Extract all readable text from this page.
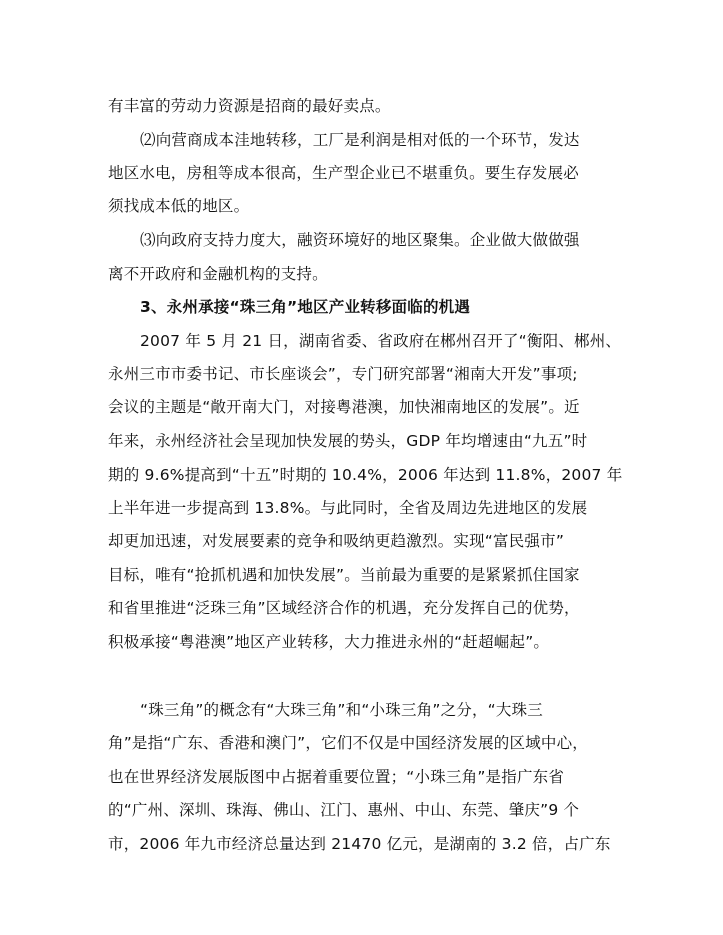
有丰富的劳动力资源是招商的最好卖点。
⑵向营商成本洼地转移，工厂是利润是相对低的一个环节，发达
地区水电，房租等成本很高，生产型企业已不堪重负。要生存发展必
须找成本低的地区。
⑶向政府支持力度大，融资环境好的地区聚集。企业做大做做强
离不开政府和金融机构的支持。
3、永州承接“珠三角”地区产业转移面临的机遇
2007 年 5 月 21 日，湖南省委、省政府在郴州召开了“衡阳、郴州、
永州三市市委书记、市长座谈会”，专门研究部署“湘南大开发”事项;
会议的主题是“敞开南大门，对接粤港澳，加快湘南地区的发展”。近
年来，永州经济社会呈现加快发展的势头，GDP 年均增速由“九五”时
期的 9.6%提高到“十五”时期的 10.4%，2006 年达到 11.8%，2007 年
上半年进一步提高到 13.8%。与此同时，全省及周边先进地区的发展
却更加迅速，对发展要素的竞争和吸纳更趋激烈。实现“富民强市”
目标，唯有“抢抓机遇和加快发展”。当前最为重要的是紧紧抓住国家
和省里推进“泛珠三角”区域经济合作的机遇，充分发挥自己的优势，
积极承接“粤港澳”地区产业转移，大力推进永州的“赶超崛起”。
“珠三角”的概念有“大珠三角”和“小珠三角”之分，“大珠三
角”是指“广东、香港和澳门”，它们不仅是中国经济发展的区域中心，
也在世界经济发展版图中占据着重要位置；“小珠三角”是指广东省
的“广州、深圳、珠海、佛山、江门、惠州、中山、东莞、肇庆”9 个
市，2006 年九市经济总量达到 21470 亿元，是湖南的 3.2 倍，占广东
